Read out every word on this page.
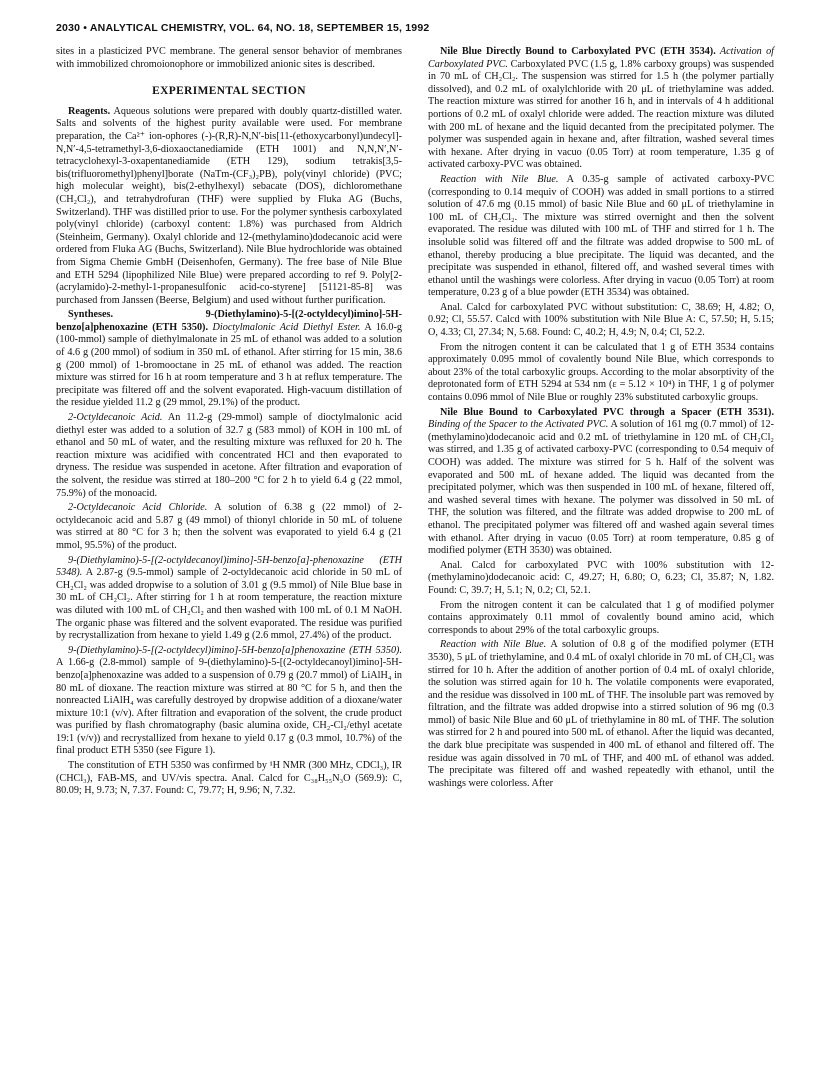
2030 • ANALYTICAL CHEMISTRY, VOL. 64, NO. 18, SEPTEMBER 15, 1992

sites in a plasticized PVC membrane. The general sensor behavior of membranes with immobilized chromoionophore or immobilized anionic sites is described.

EXPERIMENTAL SECTION

Reagents. Aqueous solutions were prepared with doubly quartz-distilled water. Salts and solvents of the highest purity available were used. For membrane preparation, the Ca²⁺ ion-ophores (-)-(R,R)-N,N′-bis[11-(ethoxycarbonyl)undecyl]-N,N′-4,5-tetramethyl-3,6-dioxaoctanediamide (ETH 1001) and N,N,N′,N′-tetracyclohexyl-3-oxapentanediamide (ETH 129), sodium tetrakis[3,5-bis(trifluoromethyl)phenyl]borate (NaTm-(CF₃)₂PB), poly(vinyl chloride) (PVC; high molecular weight), bis(2-ethylhexyl) sebacate (DOS), dichloromethane (CH₂Cl₂), and tetrahydrofuran (THF) were supplied by Fluka AG (Buchs, Switzerland). THF was distilled prior to use. For the polymer synthesis carboxylated poly(vinyl chloride) (carboxyl content: 1.8%) was purchased from Aldrich (Steinheim, Germany). Oxalyl chloride and 12-(methylamino)dodecanoic acid were ordered from Fluka AG (Buchs, Switzerland). Nile Blue hydrochloride was obtained from Sigma Chemie GmbH (Deisenhofen, Germany). The free base of Nile Blue and ETH 5294 (lipophilized Nile Blue) were prepared according to ref 9. Poly[2-(acrylamido)-2-methyl-1-propanesulfonic acid-co-styrene] [51121-85-8] was purchased from Janssen (Beerse, Belgium) and used without further purification.

Syntheses. 9-(Diethylamino)-5-[(2-octyldecyl)imino]-5H-benzo[a]phenoxazine (ETH 5350). Dioctylmalonic Acid Diethyl Ester. A 16.0-g (100-mmol) sample of diethylmalonate in 25 mL of ethanol was added to a solution of 4.6 g (200 mmol) of sodium in 350 mL of ethanol. After stirring for 15 min, 38.6 g (200 mmol) of 1-bromooctane in 25 mL of ethanol was added. The reaction mixture was stirred for 16 h at room temperature and 3 h at reflux temperature. The precipitate was filtered off and the solvent evaporated. High-vacuum distillation of the residue yielded 11.2 g (29 mmol, 29.1%) of the product.

2-Octyldecanoic Acid. An 11.2-g (29-mmol) sample of dioctylmalonic acid diethyl ester was added to a solution of 32.7 g (583 mmol) of KOH in 100 mL of ethanol and 50 mL of water, and the resulting mixture was refluxed for 20 h. The reaction mixture was acidified with concentrated HCl and then evaporated to dryness. The residue was suspended in acetone. After filtration and evaporation of the solvent, the residue was stirred at 180–200 °C for 2 h to yield 6.4 g (22 mmol, 75.9%) of the monoacid.

2-Octyldecanoic Acid Chloride. A solution of 6.38 g (22 mmol) of 2-octyldecanoic acid and 5.87 g (49 mmol) of thionyl chloride in 50 mL of toluene was stirred at 80 °C for 3 h; then the solvent was evaporated to yield 6.4 g (21 mmol, 95.5%) of the product.

9-(Diethylamino)-5-[(2-octyldecanoyl)imino]-5H-benzo[a]-phenoxazine (ETH 5348). A 2.87-g (9.5-mmol) sample of 2-octyldecanoic acid chloride in 50 mL of CH₂Cl₂ was added dropwise to a solution of 3.01 g (9.5 mmol) of Nile Blue base in 30 mL of CH₂Cl₂. After stirring for 1 h at room temperature, the reaction mixture was diluted with 100 mL of CH₂Cl₂ and then washed with 100 mL of 0.1 M NaOH. The organic phase was filtered and the solvent evaporated. The residue was purified by recrystallization from hexane to yield 1.49 g (2.6 mmol, 27.4%) of the product.

9-(Diethylamino)-5-[(2-octyldecyl)imino]-5H-benzo[a]phenoxazine (ETH 5350). A 1.66-g (2.8-mmol) sample of 9-(diethylamino)-5-[(2-octyldecanoyl)imino]-5H-benzo[a]phenoxazine was added to a suspension of 0.79 g (20.7 mmol) of LiAlH₄ in 80 mL of dioxane. The reaction mixture was stirred at 80 °C for 5 h, and then the nonreacted LiAlH₄ was carefully destroyed by dropwise addition of a dioxane/water mixture 10:1 (v/v). After filtration and evaporation of the solvent, the crude product was purified by flash chromatography (basic alumina oxide, CH₂-Cl₂/ethyl acetate 19:1 (v/v)) and recrystallized from hexane to yield 0.17 g (0.3 mmol, 10.7%) of the final product ETH 5350 (see Figure 1).

The constitution of ETH 5350 was confirmed by ¹H NMR (300 MHz, CDCl₃), IR (CHCl₃), FAB-MS, and UV/vis spectra. Anal. Calcd for C₃₈H₅₅N₃O (569.9): C, 80.09; H, 9.73; N, 7.37. Found: C, 79.77; H, 9.96; N, 7.32.

Nile Blue Directly Bound to Carboxylated PVC (ETH 3534). Activation of Carboxylated PVC. Carboxylated PVC (1.5 g, 1.8% carboxy groups) was suspended in 70 mL of CH₂Cl₂. The suspension was stirred for 1.5 h (the polymer partially dissolved), and 0.2 mL of oxalylchloride with 20 μL of triethylamine was added. The reaction mixture was stirred for another 16 h, and in intervals of 4 h additional portions of 0.2 mL of oxalyl chloride were added. The reaction mixture was diluted with 200 mL of hexane and the liquid decanted from the precipitated polymer. The polymer was suspended again in hexane and, after filtration, washed several times with hexane. After drying in vacuo (0.05 Torr) at room temperature, 1.35 g of activated carboxy-PVC was obtained.

Reaction with Nile Blue. A 0.35-g sample of activated carboxy-PVC (corresponding to 0.14 mequiv of COOH) was added in small portions to a stirred solution of 47.6 mg (0.15 mmol) of basic Nile Blue and 60 μL of triethylamine in 100 mL of CH₂Cl₂. The mixture was stirred overnight and then the solvent evaporated. The residue was diluted with 100 mL of THF and stirred for 1 h. The insoluble solid was filtered off and the filtrate was added dropwise to 500 mL of ethanol, thereby producing a blue precipitate. The liquid was decanted, and the precipitate was suspended in ethanol, filtered off, and washed several times with ethanol until the washings were colorless. After drying in vacuo (0.05 Torr) at room temperature, 0.23 g of a blue powder (ETH 3534) was obtained.

Anal. Calcd for carboxylated PVC without substitution: C, 38.69; H, 4.82; O, 0.92; Cl, 55.57. Calcd with 100% substitution with Nile Blue A: C, 57.50; H, 5.15; O, 4.33; Cl, 27.34; N, 5.68. Found: C, 40.2; H, 4.9; N, 0.4; Cl, 52.2.

From the nitrogen content it can be calculated that 1 g of ETH 3534 contains approximately 0.095 mmol of covalently bound Nile Blue, which corresponds to about 23% of the total carboxylic groups. According to the molar absorptivity of the deprotonated form of ETH 5294 at 534 nm (ε = 5.12 × 10⁴) in THF, 1 g of polymer contains 0.096 mmol of Nile Blue or roughly 23% substituted carboxylic groups.

Nile Blue Bound to Carboxylated PVC through a Spacer (ETH 3531). Binding of the Spacer to the Activated PVC. A solution of 161 mg (0.7 mmol) of 12-(methylamino)dodecanoic acid and 0.2 mL of triethylamine in 120 mL of CH₂Cl₂ was stirred, and 1.35 g of activated carboxy-PVC (corresponding to 0.54 mequiv of COOH) was added. The mixture was stirred for 5 h. Half of the solvent was evaporated and 500 mL of hexane added. The liquid was decanted from the precipitated polymer, which was then suspended in 100 mL of hexane, filtered off, and washed several times with hexane. The polymer was dissolved in 50 mL of THF, the solution was filtered, and the filtrate was added dropwise to 200 mL of ethanol. The precipitated polymer was filtered off and washed again several times with ethanol. After drying in vacuo (0.05 Torr) at room temperature, 0.85 g of modified polymer (ETH 3530) was obtained.

Anal. Calcd for carboxylated PVC with 100% substitution with 12-(methylamino)dodecanoic acid: C, 49.27; H, 6.80; O, 6.23; Cl, 35.87; N, 1.82. Found: C, 39.7; H, 5.1; N, 0.2; Cl, 52.1.

From the nitrogen content it can be calculated that 1 g of modified polymer contains approximately 0.11 mmol of covalently bound amino acid, which corresponds to about 29% of the total carboxylic groups.

Reaction with Nile Blue. A solution of 0.8 g of the modified polymer (ETH 3530), 5 μL of triethylamine, and 0.4 mL of oxalyl chloride in 70 mL of CH₂Cl₂ was stirred for 10 h. After the addition of another portion of 0.4 mL of oxalyl chloride, the solution was stirred again for 10 h. The volatile components were evaporated, and the residue was dissolved in 100 mL of THF. The insoluble part was removed by filtration, and the filtrate was added dropwise into a stirred solution of 96 mg (0.3 mmol) of basic Nile Blue and 60 μL of triethylamine in 80 mL of THF. The solution was stirred for 2 h and poured into 500 mL of ethanol. After the liquid was decanted, the dark blue precipitate was suspended in 400 mL of ethanol and filtered off. The residue was again dissolved in 70 mL of THF, and 400 mL of ethanol was added. The precipitate was filtered off and washed repeatedly with ethanol, until the washings were colorless. After
